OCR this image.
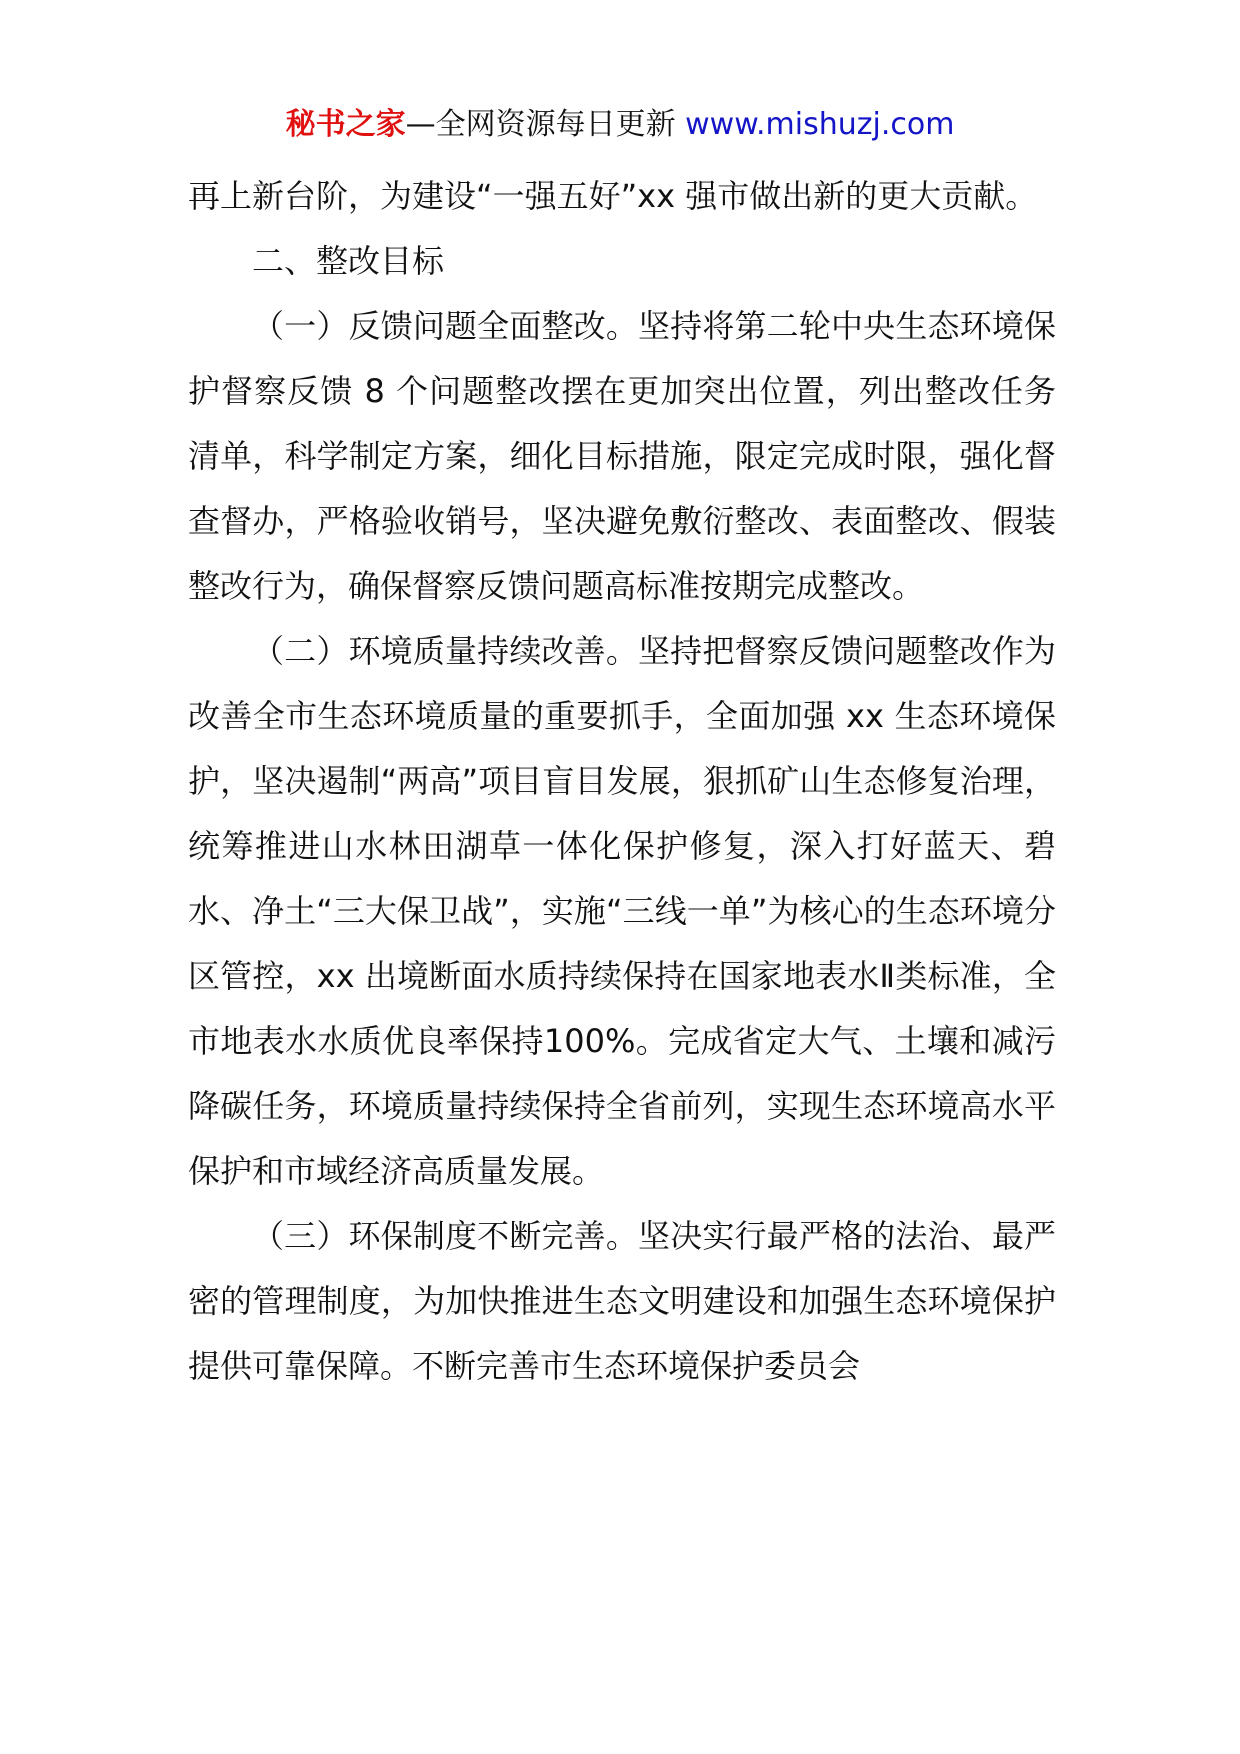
秘书之家—全网资源每日更新 www.mishuzj.com

再上新台阶，为建设“一强五好”xx 强市做出新的更大贡献。

二、整改目标

（一）反馈问题全面整改。坚持将第二轮中央生态环境保护督察反馈 8 个问题整改摆在更加突出位置，列出整改任务清单，科学制定方案，细化目标措施，限定完成时限，强化督查督办，严格验收销号，坚决避免敷衍整改、表面整改、假装整改行为，确保督察反馈问题高标准按期完成整改。

（二）环境质量持续改善。坚持把督察反馈问题整改作为改善全市生态环境质量的重要抓手，全面加强 xx 生态环境保护，坚决遏制“两高”项目盲目发展，狠抓矿山生态修复治理，统筹推进山水林田湖草一体化保护修复，深入打好蓝天、碧水、净土“三大保卫战”，实施“三线一单”为核心的生态环境分区管控，xx 出境断面水质持续保持在国家地表水Ⅱ类标准，全市地表水水质优良率保持100%。完成省定大气、土壤和减污降碳任务，环境质量持续保持全省前列，实现生态环境高水平保护和市域经济高质量发展。

（三）环保制度不断完善。坚决实行最严格的法治、最严密的管理制度，为加快推进生态文明建设和加强生态环境保护提供可靠保障。不断完善市生态环境保护委员会
